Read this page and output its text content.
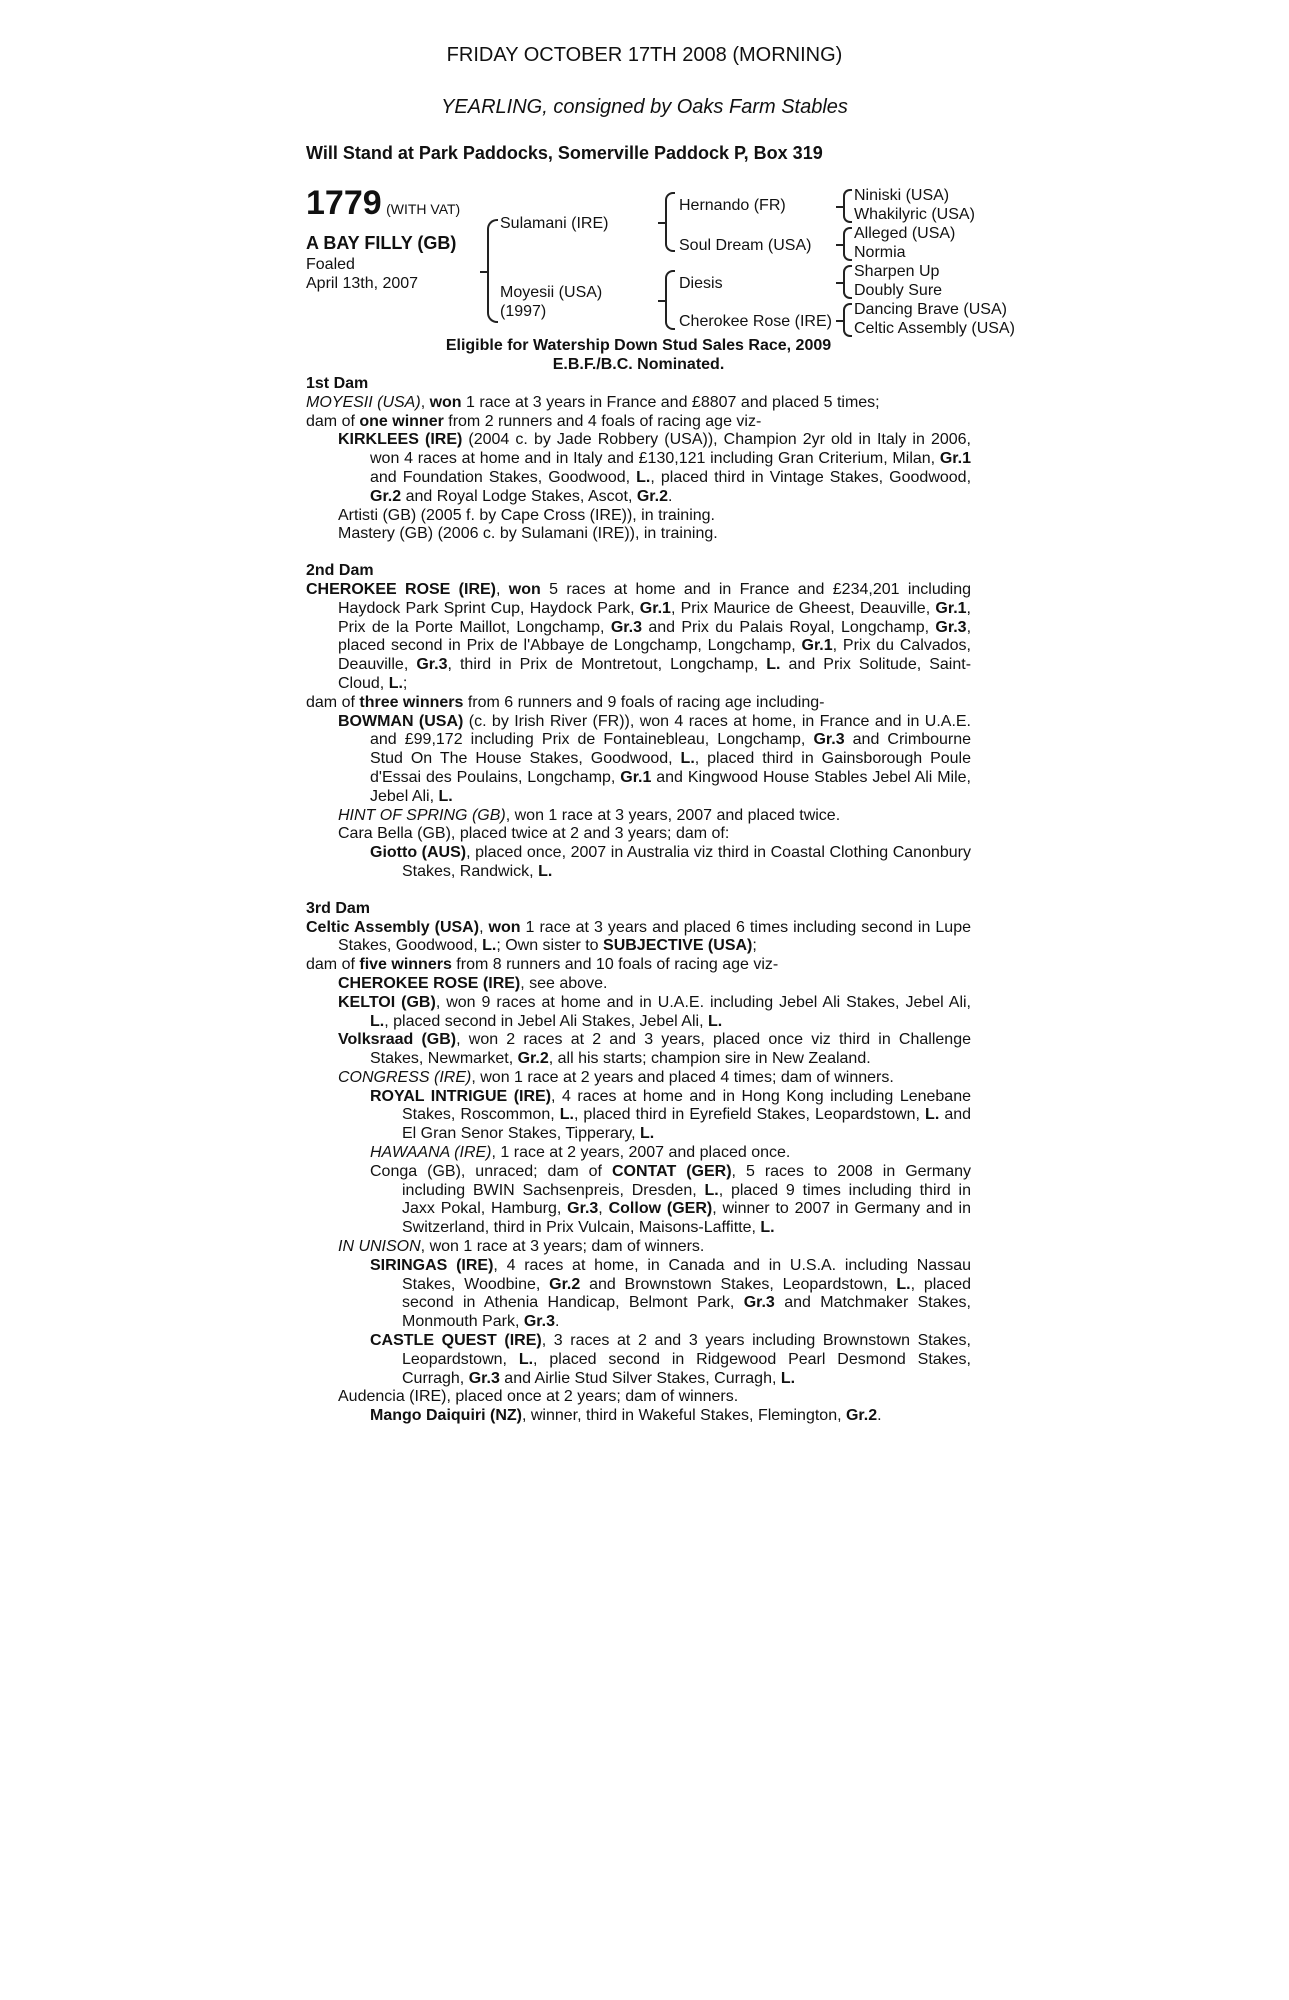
FRIDAY OCTOBER 17TH 2008 (MORNING)
YEARLING, consigned by Oaks Farm Stables
Will Stand at Park Paddocks, Somerville Paddock P, Box 319
1779 (WITH VAT)
A BAY FILLY (GB)
Foaled
April 13th, 2007
Sulamani (IRE)
Moyesii (USA)
(1997)
Hernando (FR)
Soul Dream (USA)
Diesis
Cherokee Rose (IRE)
Niniski (USA)
Whakilyric (USA)
Alleged (USA)
Normia
Sharpen Up
Doubly Sure
Dancing Brave (USA)
Celtic Assembly (USA)
Eligible for Watership Down Stud Sales Race, 2009
E.B.F./B.C. Nominated.

1st Dam

MOYESII (USA), won 1 race at 3 years in France and £8807 and placed 5 times;

dam of one winner from 2 runners and 4 foals of racing age viz-

KIRKLEES (IRE) (2004 c. by Jade Robbery (USA)), Champion 2yr old in Italy in 2006, won 4 races at home and in Italy and £130,121 including Gran Criterium, Milan, Gr.1 and Foundation Stakes, Goodwood, L., placed third in Vintage Stakes, Goodwood, Gr.2 and Royal Lodge Stakes, Ascot, Gr.2.

Artisti (GB) (2005 f. by Cape Cross (IRE)), in training.

Mastery (GB) (2006 c. by Sulamani (IRE)), in training.

2nd Dam

CHEROKEE ROSE (IRE), won 5 races at home and in France and £234,201 including Haydock Park Sprint Cup, Haydock Park, Gr.1, Prix Maurice de Gheest, Deauville, Gr.1, Prix de la Porte Maillot, Longchamp, Gr.3 and Prix du Palais Royal, Longchamp, Gr.3, placed second in Prix de l'Abbaye de Longchamp, Longchamp, Gr.1, Prix du Calvados, Deauville, Gr.3, third in Prix de Montretout, Longchamp, L. and Prix Solitude, Saint-Cloud, L.;

dam of three winners from 6 runners and 9 foals of racing age including-

BOWMAN (USA) (c. by Irish River (FR)), won 4 races at home, in France and in U.A.E. and £99,172 including Prix de Fontainebleau, Longchamp, Gr.3 and Crimbourne Stud On The House Stakes, Goodwood, L., placed third in Gainsborough Poule d'Essai des Poulains, Longchamp, Gr.1 and Kingwood House Stables Jebel Ali Mile, Jebel Ali, L.

HINT OF SPRING (GB), won 1 race at 3 years, 2007 and placed twice.

Cara Bella (GB), placed twice at 2 and 3 years; dam of:

Giotto (AUS), placed once, 2007 in Australia viz third in Coastal Clothing Canonbury Stakes, Randwick, L.

3rd Dam

Celtic Assembly (USA), won 1 race at 3 years and placed 6 times including second in Lupe Stakes, Goodwood, L.; Own sister to SUBJECTIVE (USA);

dam of five winners from 8 runners and 10 foals of racing age viz-

CHEROKEE ROSE (IRE), see above.

KELTOI (GB), won 9 races at home and in U.A.E. including Jebel Ali Stakes, Jebel Ali, L., placed second in Jebel Ali Stakes, Jebel Ali, L.

Volksraad (GB), won 2 races at 2 and 3 years, placed once viz third in Challenge Stakes, Newmarket, Gr.2, all his starts; champion sire in New Zealand.

CONGRESS (IRE), won 1 race at 2 years and placed 4 times; dam of winners.

ROYAL INTRIGUE (IRE), 4 races at home and in Hong Kong including Lenebane Stakes, Roscommon, L., placed third in Eyrefield Stakes, Leopardstown, L. and El Gran Senor Stakes, Tipperary, L.

HAWAANA (IRE), 1 race at 2 years, 2007 and placed once.

Conga (GB), unraced; dam of CONTAT (GER), 5 races to 2008 in Germany including BWIN Sachsenpreis, Dresden, L., placed 9 times including third in Jaxx Pokal, Hamburg, Gr.3, Collow (GER), winner to 2007 in Germany and in Switzerland, third in Prix Vulcain, Maisons-Laffitte, L.

IN UNISON, won 1 race at 3 years; dam of winners.

SIRINGAS (IRE), 4 races at home, in Canada and in U.S.A. including Nassau Stakes, Woodbine, Gr.2 and Brownstown Stakes, Leopardstown, L., placed second in Athenia Handicap, Belmont Park, Gr.3 and Matchmaker Stakes, Monmouth Park, Gr.3.

CASTLE QUEST (IRE), 3 races at 2 and 3 years including Brownstown Stakes, Leopardstown, L., placed second in Ridgewood Pearl Desmond Stakes, Curragh, Gr.3 and Airlie Stud Silver Stakes, Curragh, L.

Audencia (IRE), placed once at 2 years; dam of winners.

Mango Daiquiri (NZ), winner, third in Wakeful Stakes, Flemington, Gr.2.
